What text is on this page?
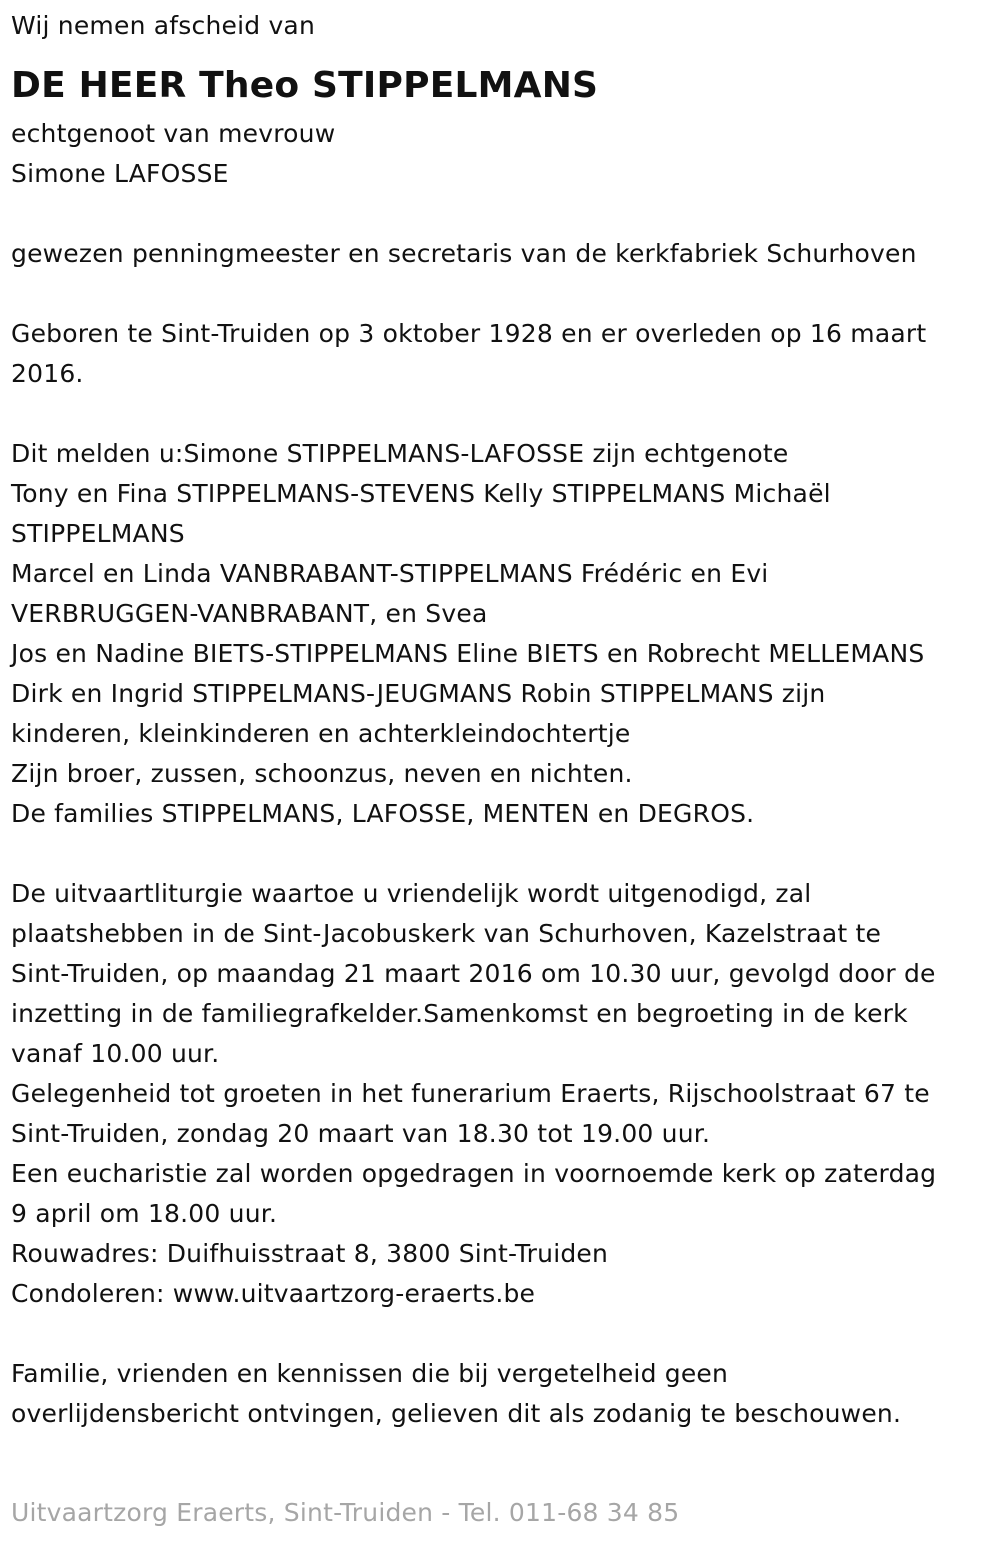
Wij nemen afscheid van
DE HEER Theo STIPPELMANS
echtgenoot van mevrouw
Simone LAFOSSE
gewezen penningmeester en secretaris van de kerkfabriek Schurhoven
Geboren te Sint-Truiden op 3 oktober 1928 en er overleden op 16 maart
2016.
Dit melden u:Simone STIPPELMANS-LAFOSSE zijn echtgenote
Tony en Fina STIPPELMANS-STEVENS Kelly STIPPELMANS Michaël
STIPPELMANS
Marcel en Linda VANBRABANT-STIPPELMANS Frédéric en Evi
VERBRUGGEN-VANBRABANT, en Svea
Jos en Nadine BIETS-STIPPELMANS Eline BIETS en Robrecht MELLEMANS
Dirk en Ingrid STIPPELMANS-JEUGMANS Robin STIPPELMANS zijn
kinderen, kleinkinderen en achterkleindochtertje
Zijn broer, zussen, schoonzus, neven en nichten.
De families STIPPELMANS, LAFOSSE, MENTEN en DEGROS.
De uitvaartliturgie waartoe u vriendelijk wordt uitgenodigd, zal
plaatshebben in de Sint-Jacobuskerk van Schurhoven, Kazelstraat te
Sint-Truiden, op maandag 21 maart 2016 om 10.30 uur, gevolgd door de
inzetting in de familiegrafkelder.Samenkomst en begroeting in de kerk
vanaf 10.00 uur.
Gelegenheid tot groeten in het funerarium Eraerts, Rijschoolstraat 67 te
Sint-Truiden, zondag 20 maart van 18.30 tot 19.00 uur.
Een eucharistie zal worden opgedragen in voornoemde kerk op zaterdag
9 april om 18.00 uur.
Rouwadres: Duifhuisstraat 8, 3800 Sint-Truiden
Condoleren: www.uitvaartzorg-eraerts.be
Familie, vrienden en kennissen die bij vergetelheid geen
overlijdensbericht ontvingen, gelieven dit als zodanig te beschouwen.
Uitvaartzorg Eraerts, Sint-Truiden - Tel. 011-68 34 85
